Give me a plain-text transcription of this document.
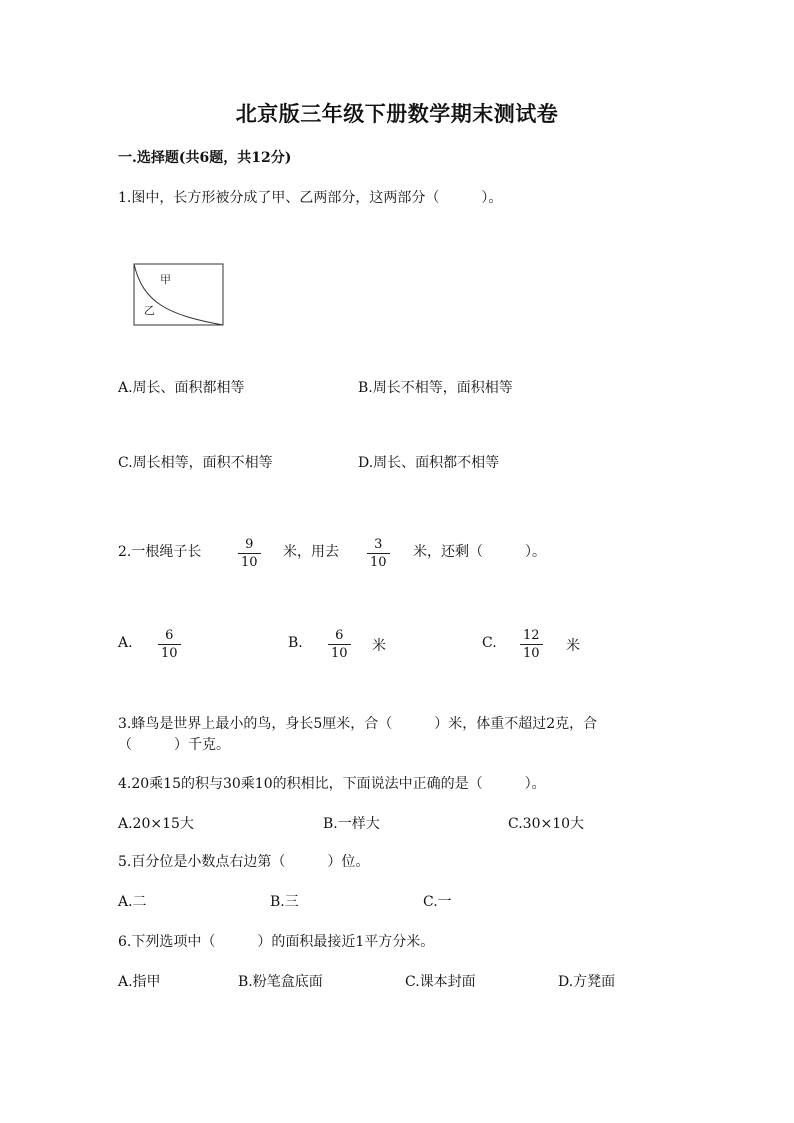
北京版三年级下册数学期末测试卷
一.选择题(共6题，共12分)
1.图中，长方形被分成了甲、乙两部分，这两部分（　　　）。
甲
乙
A.周长、面积都相等	B.周长不相等，面积相等
C.周长相等，面积不相等	D.周长、面积都不相等
2.一根绳子长	$\frac{9}{10}$ 米，用去 $\frac{3}{10}$ 米，还剩（　　　）。
A. $\frac{6}{10}$	B. $\frac{6}{10}$ 米	C. $\frac{12}{10}$ 米
3.蜂鸟是世界上最小的鸟，身长5厘米，合（　　　）米，体重不超过2克，合
（　　　）千克。
4.20乘15的积与30乘10的积相比，下面说法中正确的是（　　　）。
A.20×15大	B.一样大	C.30×10大
5.百分位是小数点右边第（　　　）位。
A.二	B.三	C.一
6.下列选项中（　　　）的面积最接近1平方分米。
A.指甲	B.粉笔盒底面	C.课本封面	D.方凳面
